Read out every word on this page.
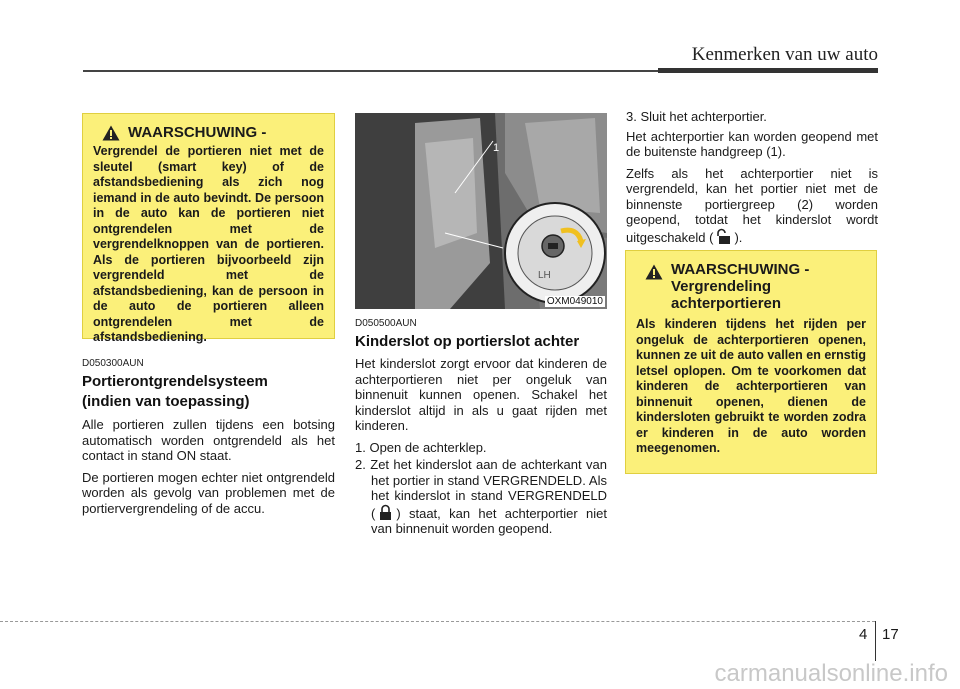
Kenmerken van uw auto
WAARSCHUWING -
Vergrendel de portieren niet met de sleutel (smart key) of de afstandsbediening als zich nog iemand in de auto bevindt. De persoon in de auto kan de portieren niet ontgrendelen met de vergrendelknoppen van de portieren. Als de portieren bijvoorbeeld zijn vergrendeld met de afstandsbediening, kan de persoon in de auto de portieren alleen ontgrendelen met de afstandsbediening.
D050300AUN
Portierontgrendelsysteem
(indien van toepassing)

Alle portieren zullen tijdens een botsing automatisch worden ontgrendeld als het contact in stand ON staat.

De portieren mogen echter niet ontgrendeld worden als gevolg van problemen met de portiervergrendeling of de accu.

1
LH
OXM049010
D050500AUN
Kinderslot op portierslot achter

Het kinderslot zorgt ervoor dat kinderen de achterportieren niet per ongeluk van binnenuit kunnen openen. Schakel het kinderslot altijd in als u gaat rijden met kinderen.

1. Open de achterklep.

2. Zet het kinderslot aan de achterkant van het portier in stand VERGRENDELD. Als het kinderslot in stand VERGRENDELD ( ) staat, kan het achterportier niet van binnenuit worden geopend.

3. Sluit het achterportier.

Het achterportier kan worden geopend met de buitenste handgreep (1).

Zelfs als het achterportier niet is vergrendeld, kan het portier niet met de binnenste portiergreep (2) worden geopend, totdat het kinderslot wordt uitgeschakeld ( ).

WAARSCHUWING -
Vergrendeling
achterportieren
Als kinderen tijdens het rijden per ongeluk de achterportieren openen, kunnen ze uit de auto vallen en ernstig letsel oplopen. Om te voorkomen dat kinderen de achterportieren van binnenuit openen, dienen de kindersloten gebruikt te worden zodra er kinderen in de auto worden meegenomen.
4 17
carmanualsonline.info
